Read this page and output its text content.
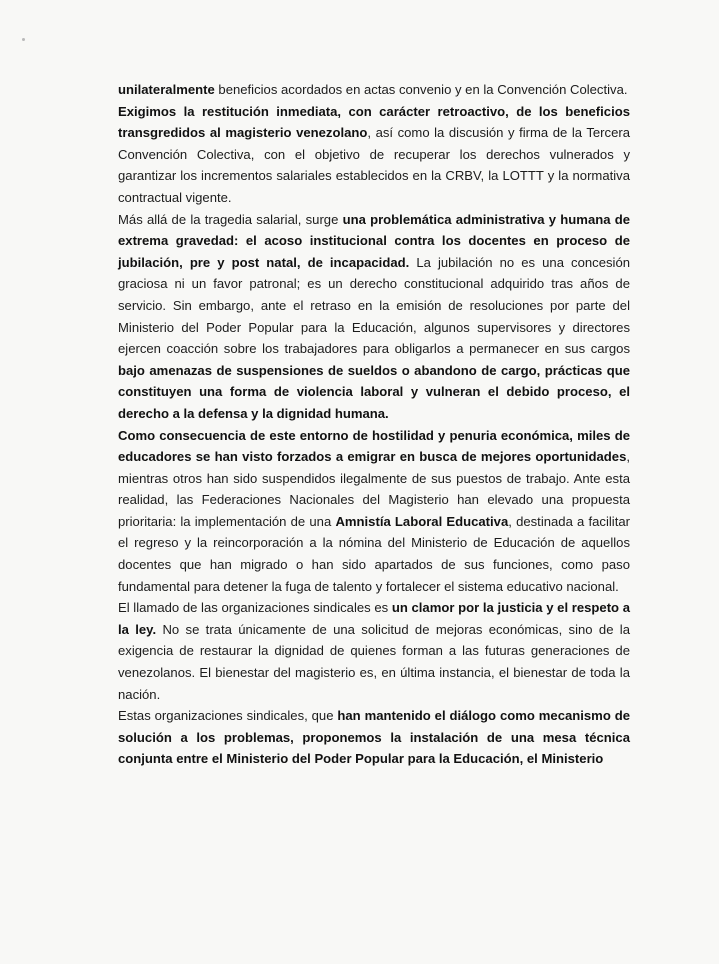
unilateralmente beneficios acordados en actas convenio y en la Convención Colectiva.

Exigimos la restitución inmediata, con carácter retroactivo, de los beneficios transgredidos al magisterio venezolano, así como la discusión y firma de la Tercera Convención Colectiva, con el objetivo de recuperar los derechos vulnerados y garantizar los incrementos salariales establecidos en la CRBV, la LOTTT y la normativa contractual vigente.

Más allá de la tragedia salarial, surge una problemática administrativa y humana de extrema gravedad: el acoso institucional contra los docentes en proceso de jubilación, pre y post natal, de incapacidad. La jubilación no es una concesión graciosa ni un favor patronal; es un derecho constitucional adquirido tras años de servicio. Sin embargo, ante el retraso en la emisión de resoluciones por parte del Ministerio del Poder Popular para la Educación, algunos supervisores y directores ejercen coacción sobre los trabajadores para obligarlos a permanecer en sus cargos bajo amenazas de suspensiones de sueldos o abandono de cargo, prácticas que constituyen una forma de violencia laboral y vulneran el debido proceso, el derecho a la defensa y la dignidad humana.

Como consecuencia de este entorno de hostilidad y penuria económica, miles de educadores se han visto forzados a emigrar en busca de mejores oportunidades, mientras otros han sido suspendidos ilegalmente de sus puestos de trabajo. Ante esta realidad, las Federaciones Nacionales del Magisterio han elevado una propuesta prioritaria: la implementación de una Amnistía Laboral Educativa, destinada a facilitar el regreso y la reincorporación a la nómina del Ministerio de Educación de aquellos docentes que han migrado o han sido apartados de sus funciones, como paso fundamental para detener la fuga de talento y fortalecer el sistema educativo nacional.

El llamado de las organizaciones sindicales es un clamor por la justicia y el respeto a la ley. No se trata únicamente de una solicitud de mejoras económicas, sino de la exigencia de restaurar la dignidad de quienes forman a las futuras generaciones de venezolanos. El bienestar del magisterio es, en última instancia, el bienestar de toda la nación.

Estas organizaciones sindicales, que han mantenido el diálogo como mecanismo de solución a los problemas, proponemos la instalación de una mesa técnica conjunta entre el Ministerio del Poder Popular para la Educación, el Ministerio
